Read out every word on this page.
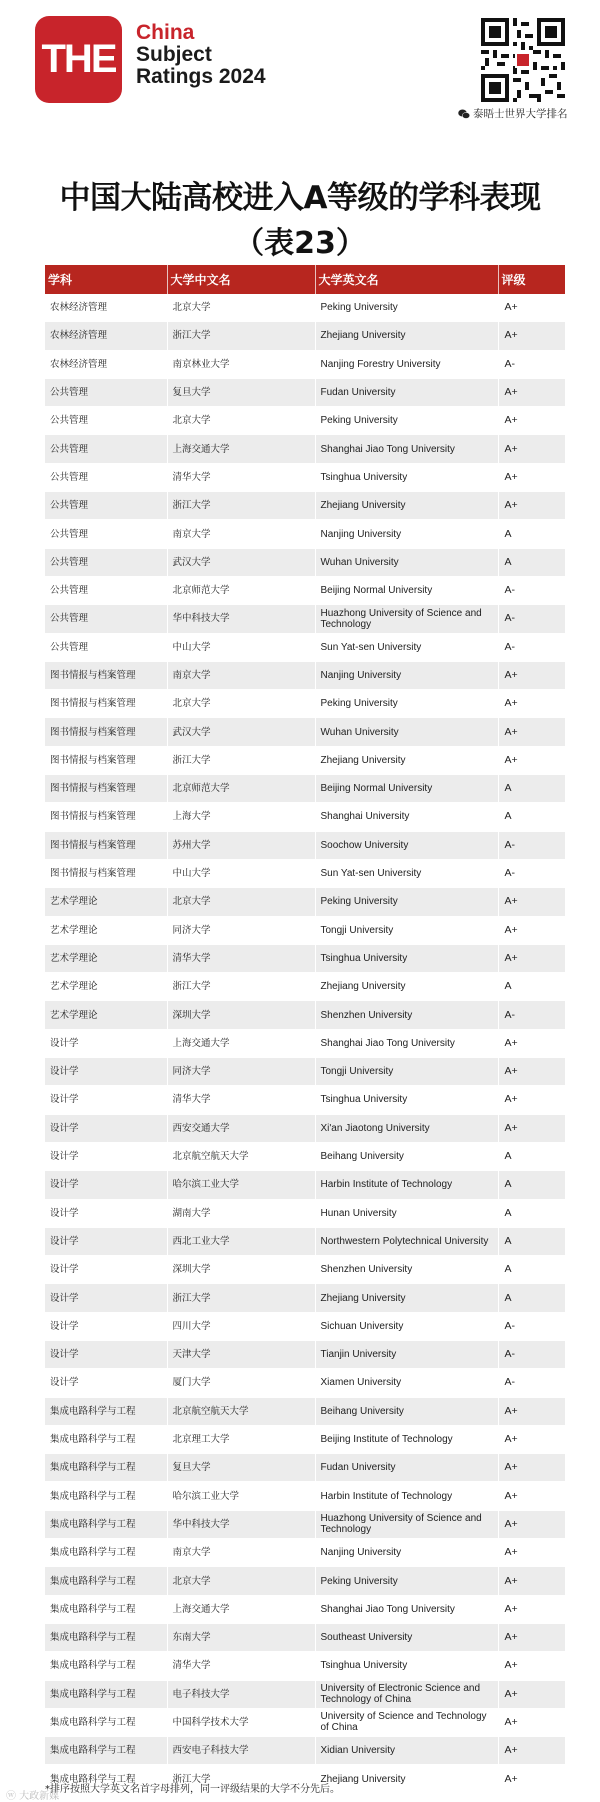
THE
China
Subject
Ratings 2024
泰晤士世界大学排名
中国大陆高校进入A等级的学科表现
（表23）
学科	大学中文名	大学英文名	评级
农林经济管理	北京大学	Peking University	A+
农林经济管理	浙江大学	Zhejiang University	A+
农林经济管理	南京林业大学	Nanjing Forestry University	A-
公共管理	复旦大学	Fudan University	A+
公共管理	北京大学	Peking University	A+
公共管理	上海交通大学	Shanghai Jiao Tong University	A+
公共管理	清华大学	Tsinghua University	A+
公共管理	浙江大学	Zhejiang University	A+
公共管理	南京大学	Nanjing University	A
公共管理	武汉大学	Wuhan University	A
公共管理	北京师范大学	Beijing Normal University	A-
公共管理	华中科技大学	Huazhong University of Science and Technology	A-
公共管理	中山大学	Sun Yat-sen University	A-
图书情报与档案管理	南京大学	Nanjing University	A+
图书情报与档案管理	北京大学	Peking University	A+
图书情报与档案管理	武汉大学	Wuhan University	A+
图书情报与档案管理	浙江大学	Zhejiang University	A+
图书情报与档案管理	北京师范大学	Beijing Normal University	A
图书情报与档案管理	上海大学	Shanghai University	A
图书情报与档案管理	苏州大学	Soochow University	A-
图书情报与档案管理	中山大学	Sun Yat-sen University	A-
艺术学理论	北京大学	Peking University	A+
艺术学理论	同济大学	Tongji University	A+
艺术学理论	清华大学	Tsinghua University	A+
艺术学理论	浙江大学	Zhejiang University	A
艺术学理论	深圳大学	Shenzhen University	A-
设计学	上海交通大学	Shanghai Jiao Tong University	A+
设计学	同济大学	Tongji University	A+
设计学	清华大学	Tsinghua University	A+
设计学	西安交通大学	Xi'an Jiaotong University	A+
设计学	北京航空航天大学	Beihang University	A
设计学	哈尔滨工业大学	Harbin Institute of Technology	A
设计学	湖南大学	Hunan University	A
设计学	西北工业大学	Northwestern Polytechnical University	A
设计学	深圳大学	Shenzhen University	A
设计学	浙江大学	Zhejiang University	A
设计学	四川大学	Sichuan University	A-
设计学	天津大学	Tianjin University	A-
设计学	厦门大学	Xiamen University	A-
集成电路科学与工程	北京航空航天大学	Beihang University	A+
集成电路科学与工程	北京理工大学	Beijing Institute of Technology	A+
集成电路科学与工程	复旦大学	Fudan University	A+
集成电路科学与工程	哈尔滨工业大学	Harbin Institute of Technology	A+
集成电路科学与工程	华中科技大学	Huazhong University of Science and Technology	A+
集成电路科学与工程	南京大学	Nanjing University	A+
集成电路科学与工程	北京大学	Peking University	A+
集成电路科学与工程	上海交通大学	Shanghai Jiao Tong University	A+
集成电路科学与工程	东南大学	Southeast University	A+
集成电路科学与工程	清华大学	Tsinghua University	A+
集成电路科学与工程	电子科技大学	University of Electronic Science and Technology of China	A+
集成电路科学与工程	中国科学技术大学	University of Science and Technology of China	A+
集成电路科学与工程	西安电子科技大学	Xidian University	A+
集成电路科学与工程	浙江大学	Zhejiang University	A+
*排序按照大学英文名首字母排列，同一评级结果的大学不分先后。
ⓦ 大政新媒
